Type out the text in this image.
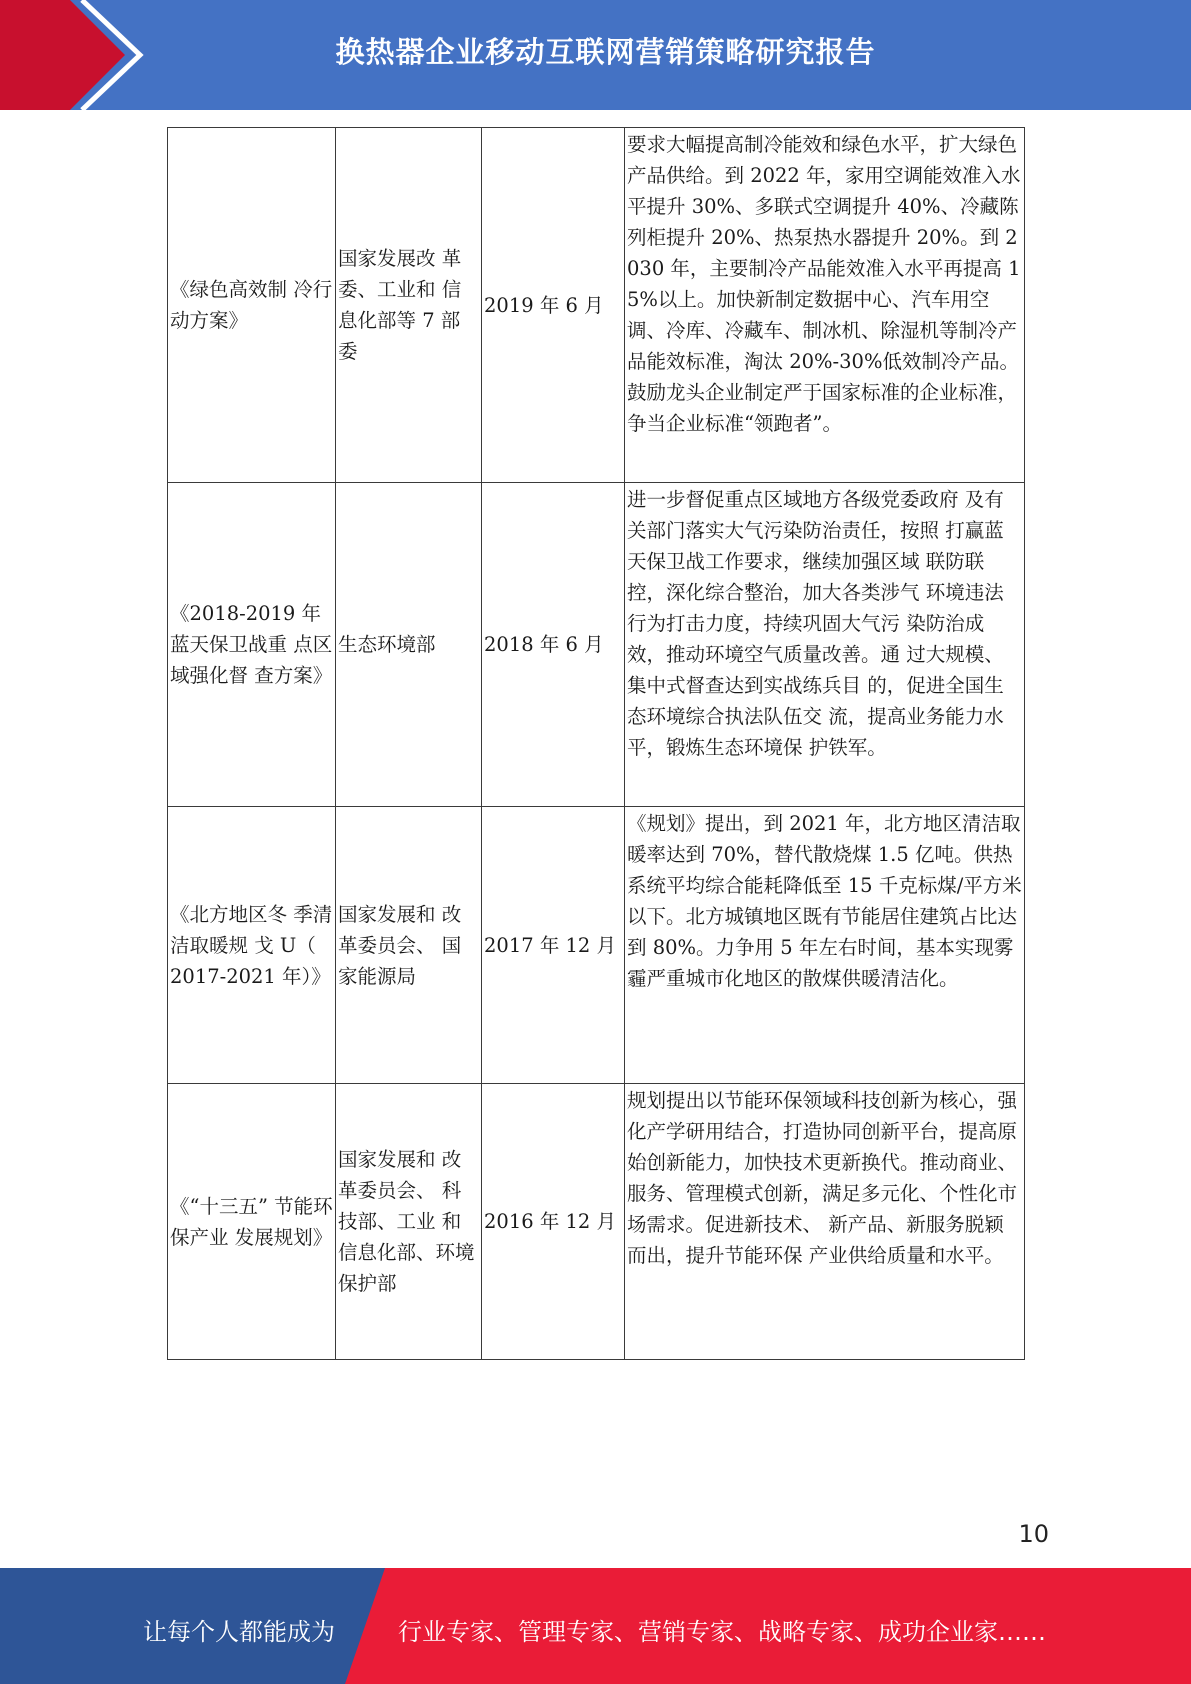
换热器企业移动互联网营销策略研究报告
《绿色高效制 冷行动方案》	国家发展改 革委、工业和 信息化部等 7 部委	2019 年 6 月	要求大幅提高制冷能效和绿色水平，扩大绿色产品供给。到 2022 年，家用空调能效准入水平提升 30%、多联式空调提升 40%、冷藏陈列柜提升 20%、热泵热水器提升 20%。到 2030 年，主要制冷产品能效准入水平再提高 15%以上。加快新制定数据中心、汽车用空调、冷库、冷藏车、制冰机、除湿机等制冷产品能效标准，淘汰 20%-30%低效制冷产品。鼓励龙头企业制定严于国家标准的企业标准，争当企业标准“领跑者”。
《2018-2019 年蓝天保卫战重 点区域强化督 查方案》	生态环境部	2018 年 6 月	进一步督促重点区域地方各级党委政府 及有关部门落实大气污染防治责任，按照 打赢蓝天保卫战工作要求，继续加强区域 联防联控，深化综合整治，加大各类涉气 环境违法行为打击力度，持续巩固大气污 染防治成效，推动环境空气质量改善。通 过大规模、集中式督查达到实战练兵目 的，促进全国生态环境综合执法队伍交 流，提高业务能力水平，锻炼生态环境保 护铁军。
《北方地区冬 季清洁取暖规 戈 U（ 2017-2021 年）》	国家发展和 改革委员会、 国家能源局	2017 年 12 月	《规划》提出，到 2021 年，北方地区清洁取暖率达到 70%，替代散烧煤 1.5 亿吨。供热系统平均综合能耗降低至 15 千克标煤/平方米以下。北方城镇地区既有节能居住建筑占比达到 80%。力争用 5 年左右时间，基本实现雾霾严重城市化地区的散煤供暖清洁化。
《“十三五” 节能环保产业 发展规划》	国家发展和 改革委员会、 科技部、工业 和信息化部、环境保护部	2016 年 12 月	规划提出以节能环保领域科技创新为核心，强化产学研用结合，打造协同创新平台，提高原始创新能力，加快技术更新换代。推动商业、服务、管理模式创新，满足多元化、个性化市场需求。促进新技术、 新产品、新服务脱颖而出，提升节能环保 产业供给质量和水平。
10
让每个人都能成为	行业专家、管理专家、营销专家、战略专家、成功企业家……
